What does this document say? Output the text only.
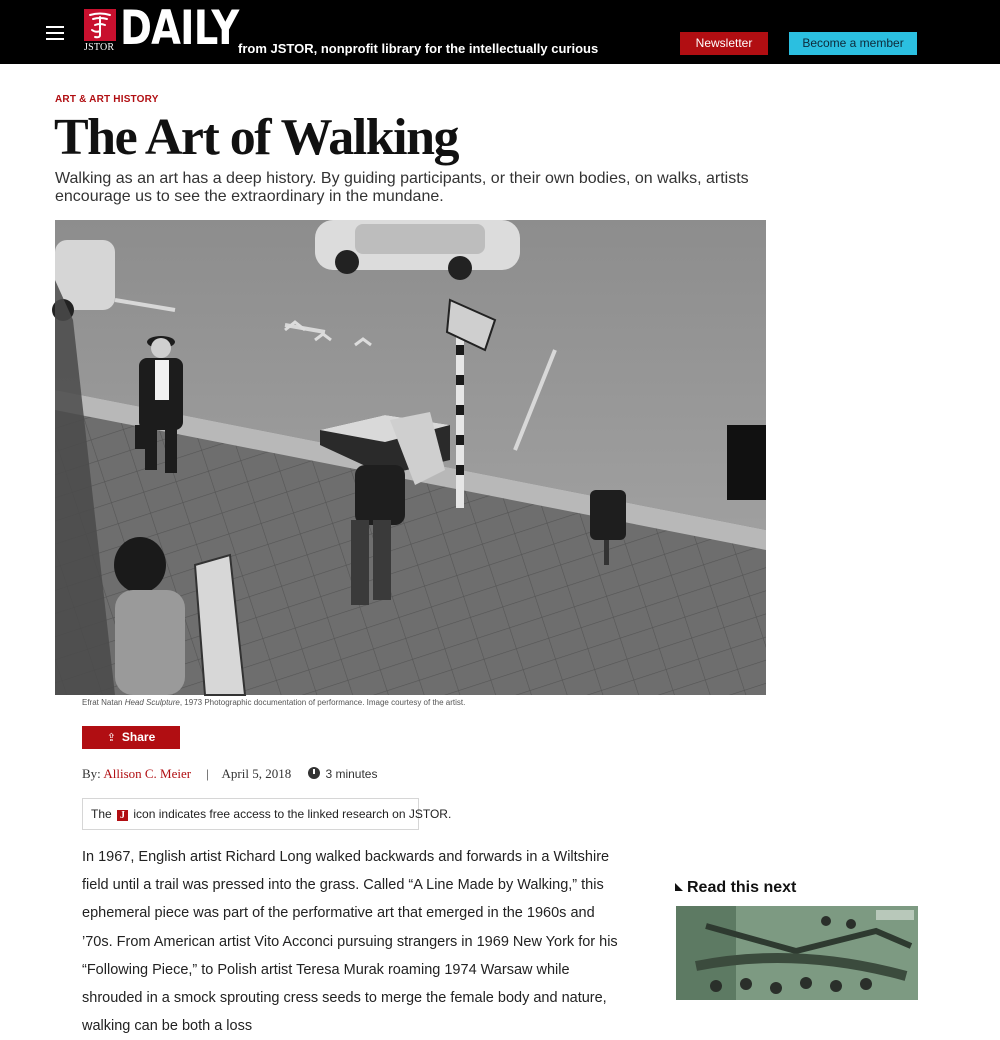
JSTOR DAILY from JSTOR, nonprofit library for the intellectually curious	Newsletter	Become a member
ART & ART HISTORY
The Art of Walking

Walking as an art has a deep history. By guiding participants, or their own bodies, on walks, artists encourage us to see the extraordinary in the mundane.

Efrat Natan Head Sculpture, 1973 Photographic documentation of performance. Image courtesy of the artist.
⇪ Share
By: Allison C. Meier | April 5, 2018	3 minutes
The J icon indicates free access to the linked research on JSTOR.

In 1967, English artist Richard Long walked backwards and forwards in a Wiltshire field until a trail was pressed into the grass. Called “A Line Made by Walking,” this ephemeral piece was part of the performative art that emerged in the 1960s and ’70s. From American artist Vito Acconci pursuing strangers in 1969 New York for his “Following Piece,” to Polish artist Teresa Murak roaming 1974 Warsaw while shrouded in a smock sprouting cress seeds to merge the female body and nature, walking can be both a loss

Read this next
